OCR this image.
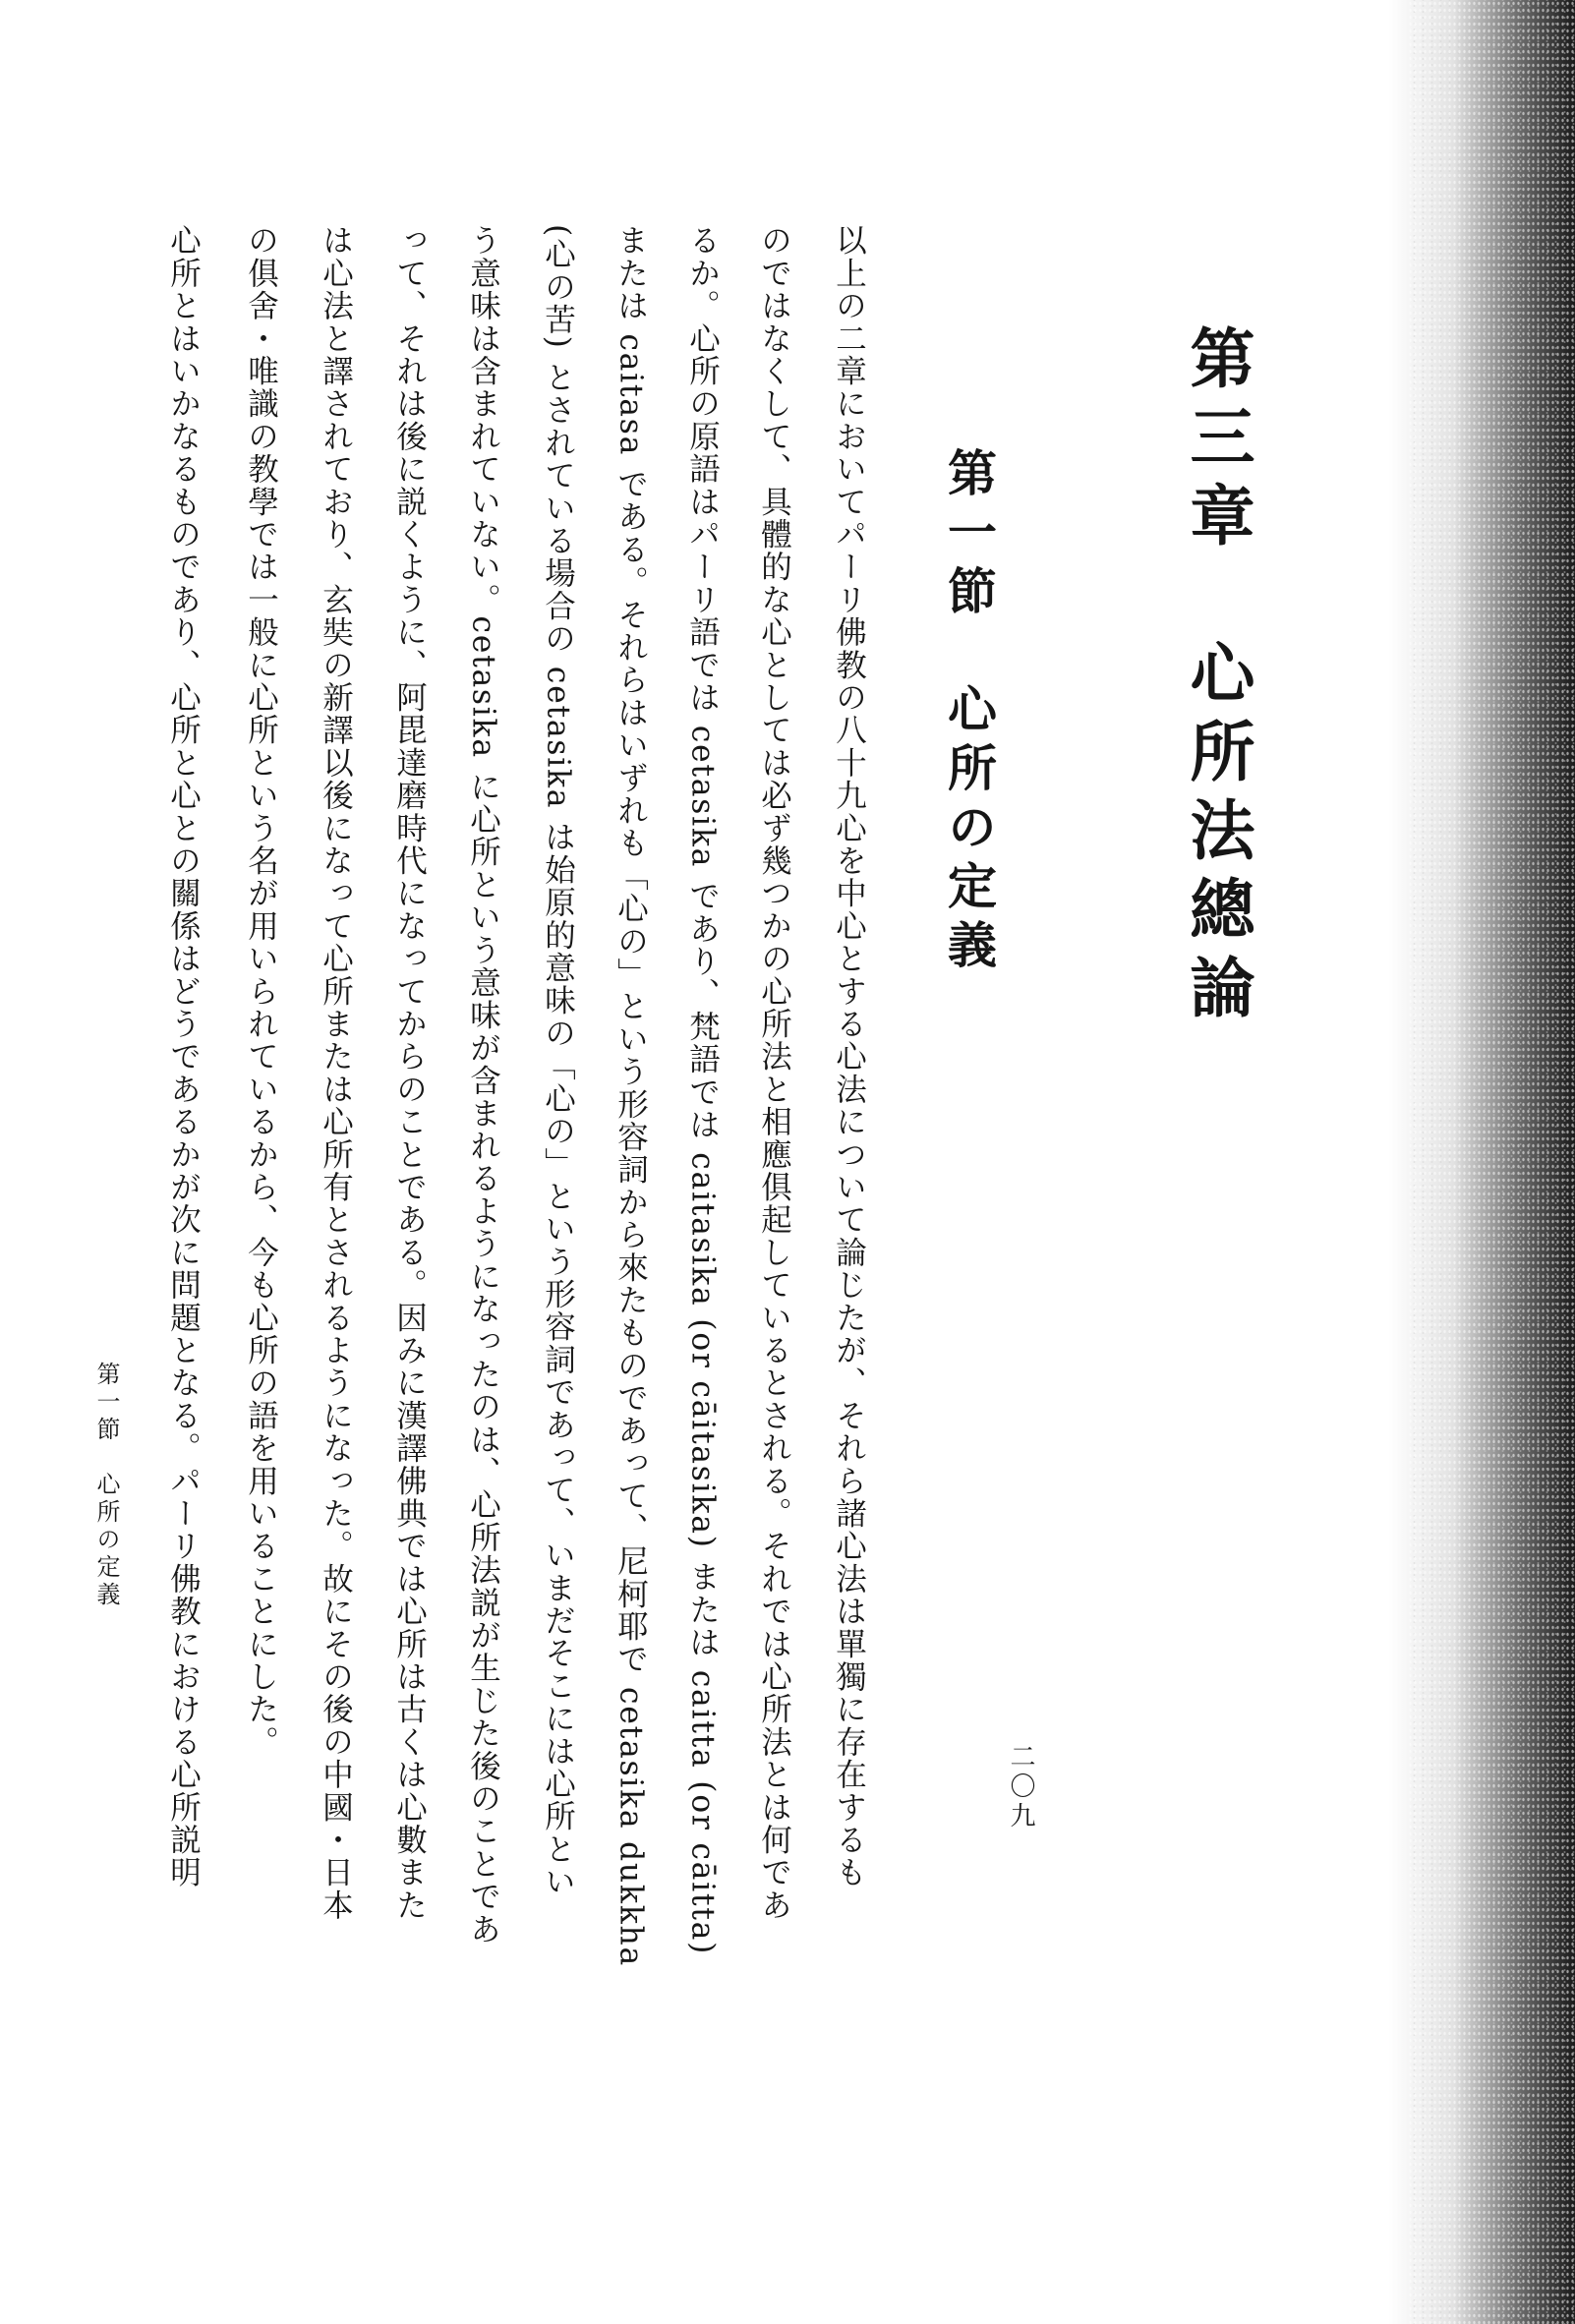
第三章　心所法總論
第一節　心所の定義
以上の二章においてパーリ佛教の八十九心を中心とする心法について論じたが、それら諸心法は單獨に存在するも
のではなくして、具體的な心としては必ず幾つかの心所法と相應俱起しているとされる。それでは心所法とは何であ
るか。心所の原語はパーリ語では cetasika であり、梵語では caitasika (or cāitasika) または caitta (or cāitta)
または caitasa である。それらはいずれも「心の」という形容詞から來たものであって、尼柯耶で cetasika dukkha
(心の苦) とされている場合の cetasika は始原的意味の「心の」という形容詞であって、いまだそこには心所とい
う意味は含まれていない。cetasika に心所という意味が含まれるようになったのは、心所法説が生じた後のことであ
って、それは後に説くように、阿毘達磨時代になってからのことである。因みに漢譯佛典では心所は古くは心數また
は心法と譯されており、玄奘の新譯以後になって心所または心所有とされるようになった。故にその後の中國・日本
の俱舍・唯識の教學では一般に心所という名が用いられているから、今も心所の語を用いることにした。
心所とはいかなるものであり、心所と心との關係はどうであるかが次に問題となる。パーリ佛教における心所説明
第一節　心所の定義
二〇九
